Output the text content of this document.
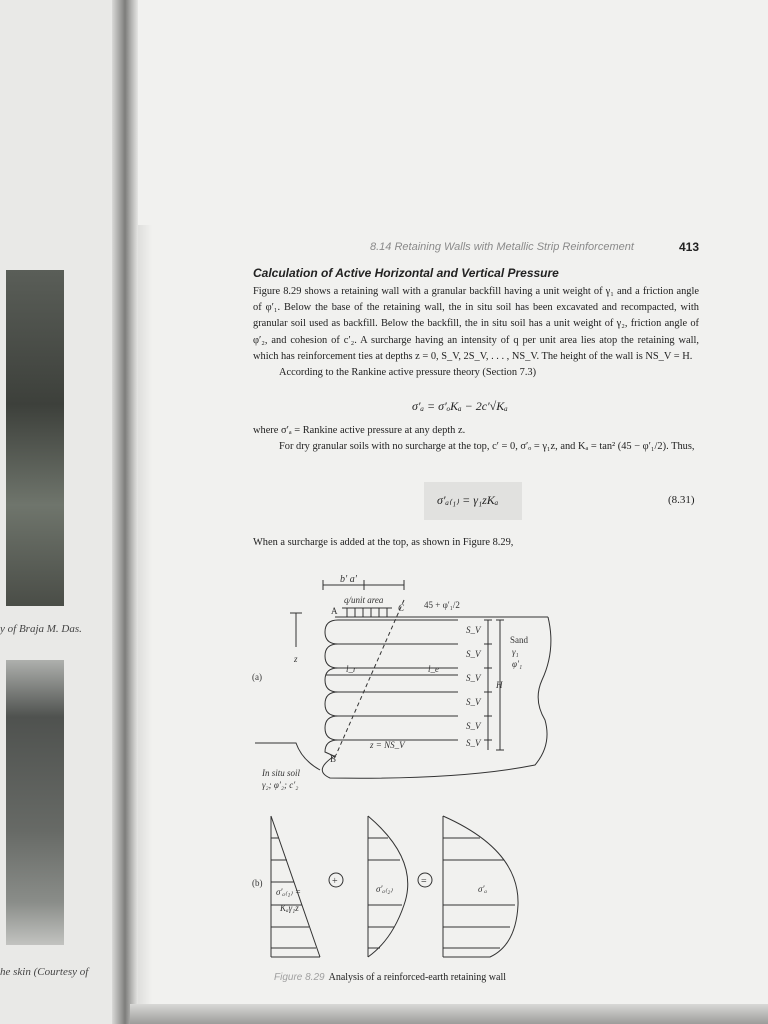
y of Braja M. Das.
he skin (Courtesy of
8.14 Retaining Walls with Metallic Strip Reinforcement	413
Calculation of Active Horizontal and Vertical Pressure

Figure 8.29 shows a retaining wall with a granular backfill having a unit weight of γ₁ and a friction angle of φ′₁. Below the base of the retaining wall, the in situ soil has been excavated and recompacted, with granular soil used as backfill. Below the backfill, the in situ soil has a unit weight of γ₂, friction angle of φ′₂, and cohesion of c′₂. A surcharge having an intensity of q per unit area lies atop the retaining wall, which has reinforcement ties at depths z = 0, S_V, 2S_V, . . . , NS_V. The height of the wall is NS_V = H.

According to the Rankine active pressure theory (Section 7.3)

σ′ₐ = σ′ₒKₐ − 2c′√Kₐ

where σ′ₐ = Rankine active pressure at any depth z.

For dry granular soils with no surcharge at the top, c′ = 0, σ′ₒ = γ₁z, and Kₐ = tan² (45 − φ′₁/2). Thus,

σ′ₐ₍₁₎ = γ₁zKₐ	(8.31)

When a surcharge is added at the top, as shown in Figure 8.29,

b′ a′
q/unit area
A	C 45 + φ′₁/2
z
S_V
S_V
S_V
S_V
S_V
S_V
l_r	l_e
H
z = NS_V
Sand
γ₁
φ′₁
B
In situ soil
γ₂; φ′₂; c′₂
(a)
(b)	+	=
σ′ₐ₍₁₎ =
Kₐγ₁z
σ′ₐ₍₂₎	σ′ₐ
Figure 8.29 Analysis of a reinforced-earth retaining wall
